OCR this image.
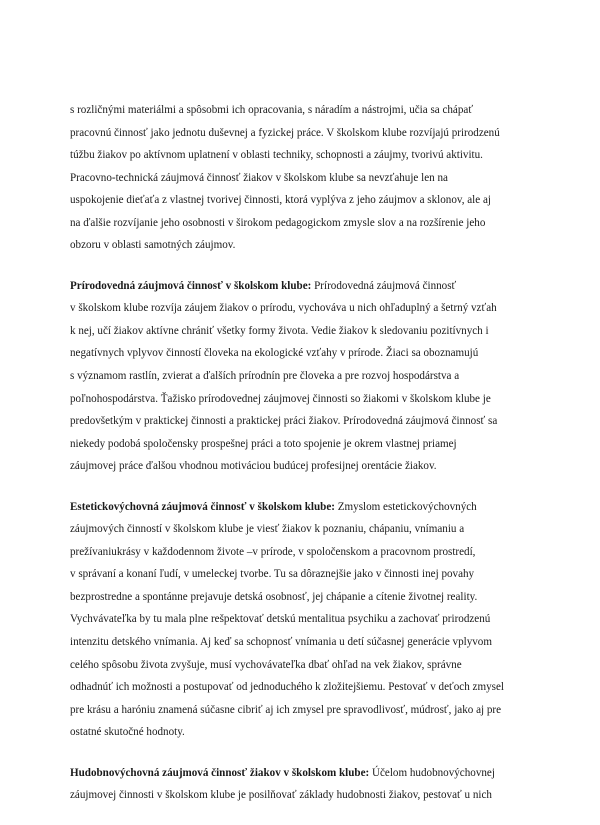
s rozličnými materiálmi a spôsobmi ich opracovania, s náradím a nástrojmi, učia sa chápať
pracovnú činnosť jako jednotu duševnej a fyzickej práce. V školskom klube rozvíjajú prirodzenú
túžbu žiakov po aktívnom uplatnení v oblasti techniky, schopnosti a záujmy, tvorivú aktivitu.
Pracovno-technická záujmová činnosť žiakov v školskom klube sa nevzťahuje len na
uspokojenie dieťaťa z vlastnej tvorivej činnosti, ktorá vyplýva z jeho záujmov a sklonov, ale aj
na ďalšie rozvíjanie jeho osobnosti v širokom pedagogickom zmysle slov a na rozšírenie jeho
obzoru v oblasti samotných záujmov.
Prírodovedná záujmová činnosť v školskom klube: Prírodovedná záujmová činnosť
v školskom klube rozvíja záujem žiakov o prírodu, vychováva u nich ohľaduplný a šetrný vzťah
k nej, učí žiakov aktívne chrániť všetky formy života. Vedie žiakov k sledovaniu pozitívnych i
negatívnych vplyvov činností človeka na ekologické vzťahy v prírode. Žiaci sa oboznamujú
s významom rastlín, zvierat a ďalších prírodnín pre človeka a pre rozvoj hospodárstva a
poľnohospodárstva. Ťažisko prírodovednej záujmovej činnosti so žiakomi v školskom klube je
predovšetkým v praktickej činnosti a praktickej práci žiakov. Prírodovedná záujmová činnosť sa
niekedy podobá spoločensky prospešnej práci a toto spojenie je okrem vlastnej priamej
záujmovej práce ďalšou vhodnou motiváciou budúcej profesijnej orentácie žiakov.
Estetickovýchovná záujmová činnosť v školskom klube: Zmyslom estetickovýchovných
záujmových činností v školskom klube je viesť žiakov k poznaniu, chápaniu, vnímaniu a
prežívaniukrásy v každodennom živote –v prírode, v spoločenskom a pracovnom prostredí,
v správaní a konaní ľudí, v umeleckej tvorbe. Tu sa dôraznejšie jako v činnosti inej povahy
bezprostredne a spontánne prejavuje detská osobnosť, jej chápanie a cítenie životnej reality.
Vychvávateľka by tu mala plne rešpektovať detskú mentalitua psychiku a zachovať prirodzenú
intenzitu detského vnímania. Aj keď sa schopnosť vnímania u detí súčasnej generácie vplyvom
celého spôsobu života zvyšuje, musí vychovávateľka dbať ohľad na vek žiakov, správne
odhadnúť ich možnosti a postupovať od jednoduchého k zložitejšiemu. Pestovať v deťoch zmysel
pre krásu a haróniu znamená súčasne cibriť aj ich zmysel pre spravodlivosť, múdrosť, jako aj pre
ostatné skutočné hodnoty.
Hudobnovýchovná záujmová činnosť žiakov v školskom klube: Účelom hudobnovýchovnej
záujmovej činnosti v školskom klube je posilňovať základy hudobnosti žiakov, pestovať u nich
